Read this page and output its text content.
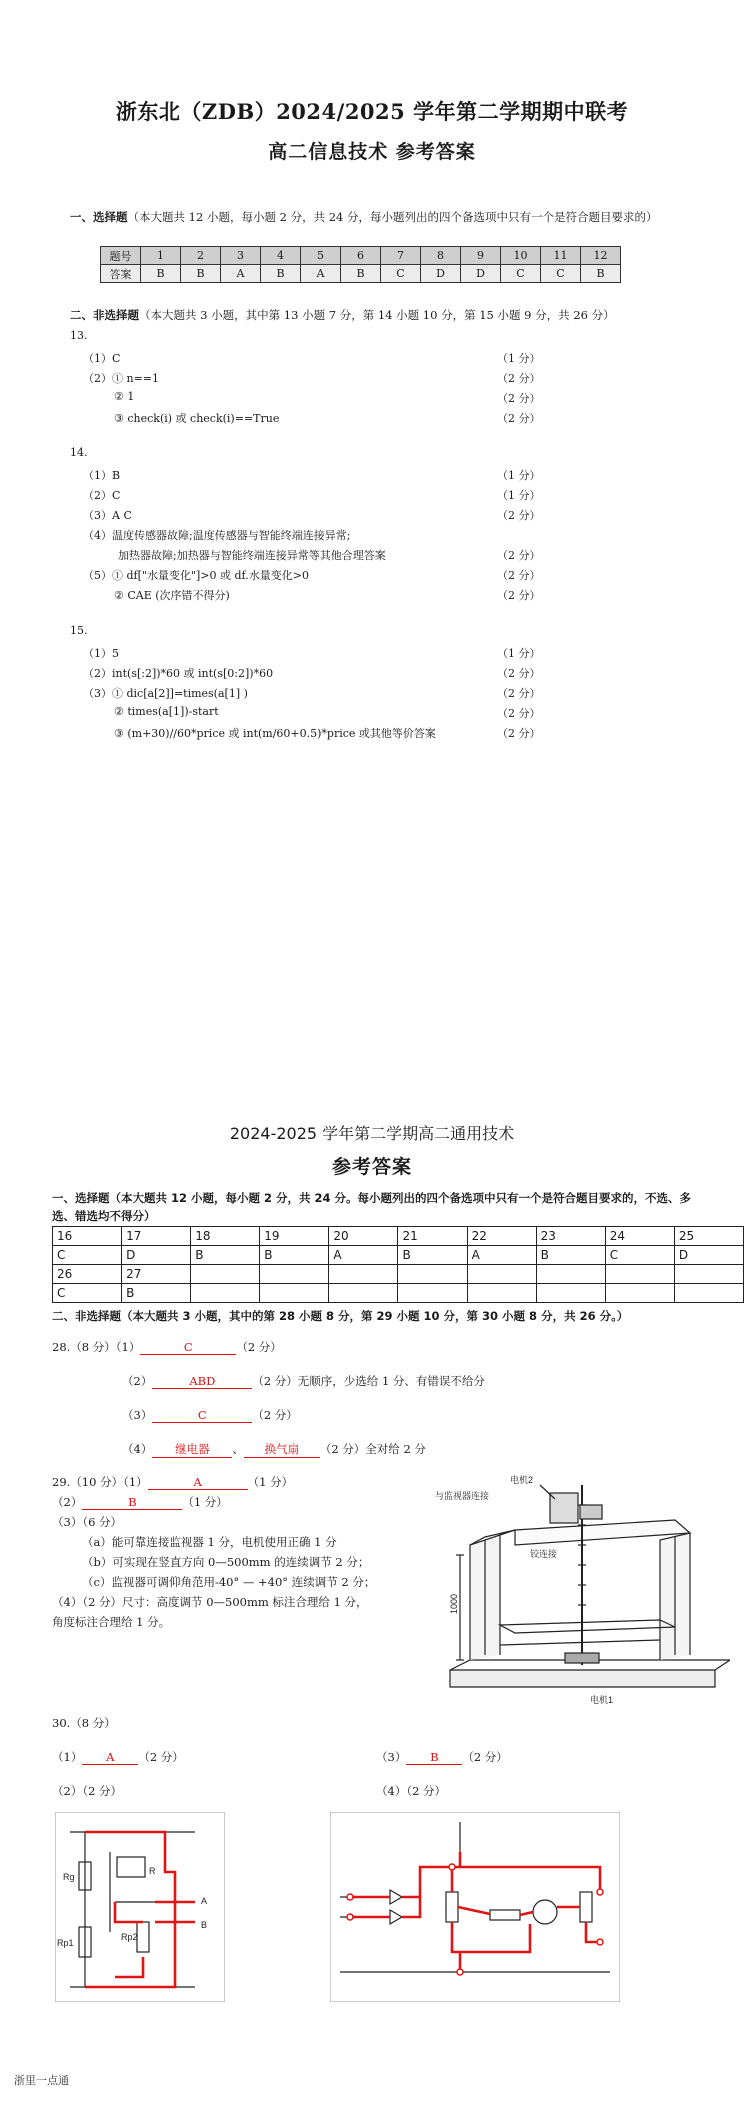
浙东北（ZDB）2024/2025 学年第二学期期中联考
高二信息技术 参考答案
一、选择题（本大题共 12 小题，每小题 2 分，共 24 分，每小题列出的四个备选项中只有一个是符合题目要求的）
题号	1	2	3	4	5	6	7	8	9	10	11	12
答案	B	B	A	B	A	B	C	D	D	C	C	B
二、非选择题（本大题共 3 小题，其中第 13 小题 7 分，第 14 小题 10 分，第 15 小题 9 分，共 26 分）
13.
（1）C	（1 分）
（2）① n==1	（2 分）
② 1	（2 分）
③ check(i) 或 check(i)==True	（2 分）
14.
（1）B	（1 分）
（2）C	（1 分）
（3）A C	（2 分）
（4）温度传感器故障;温度传感器与智能终端连接异常;
加热器故障;加热器与智能终端连接异常等其他合理答案	（2 分）
（5）① df["水量变化"]>0 或 df.水量变化>0	（2 分）
② CAE (次序错不得分)	（2 分）
15.
（1）5	（1 分）
（2）int(s[:2])*60 或 int(s[0:2])*60	（2 分）
（3）① dic[a[2]]=times(a[1] )	（2 分）
② times(a[1])-start	（2 分）
③ (m+30)//60*price 或 int(m/60+0.5)*price 或其他等价答案	（2 分）
2024-2025 学年第二学期高二通用技术
参考答案
一、选择题（本大题共 12 小题，每小题 2 分，共 24 分。每小题列出的四个备选项中只有一个是符合题目要求的，不选、多选、错选均不得分）
16	17	18	19	20	21	22	23	24	25
C	D	B	B	A	B	A	B	C	D
26	27								
C	B								
二、非选择题（本大题共 3 小题，其中的第 28 小题 8 分，第 29 小题 10 分，第 30 小题 8 分，共 26 分。）
28.（8 分）（1）	C	（2 分）
（2）	ABD	（2 分）无顺序，少选给 1 分、有错误不给分
（3）	C	（2 分）
（4） 继电器 、 换气扇 （2 分）全对给 2 分
29.（10 分）（1）	A	（1 分）
（2）	B	（1 分）
（3）（6 分）
（a）能可靠连接监视器 1 分，电机使用正确 1 分
（b）可实现在竖直方向 0—500mm 的连续调节 2 分；
（c）监视器可调仰角范用-40° — +40° 连续调节 2 分；
（4）（2 分）尺寸：高度调节 0—500mm 标注合理给 1 分，
角度标注合理给 1 分。
电机2
与监视器连接
铰连接
1000
电机1
30.（8 分）
（1） A （2 分）	（3） B （2 分）
（2）（2 分）	（4）（2 分）
Rg
R
Rp1
Rp2
A
B
浙里一点通
